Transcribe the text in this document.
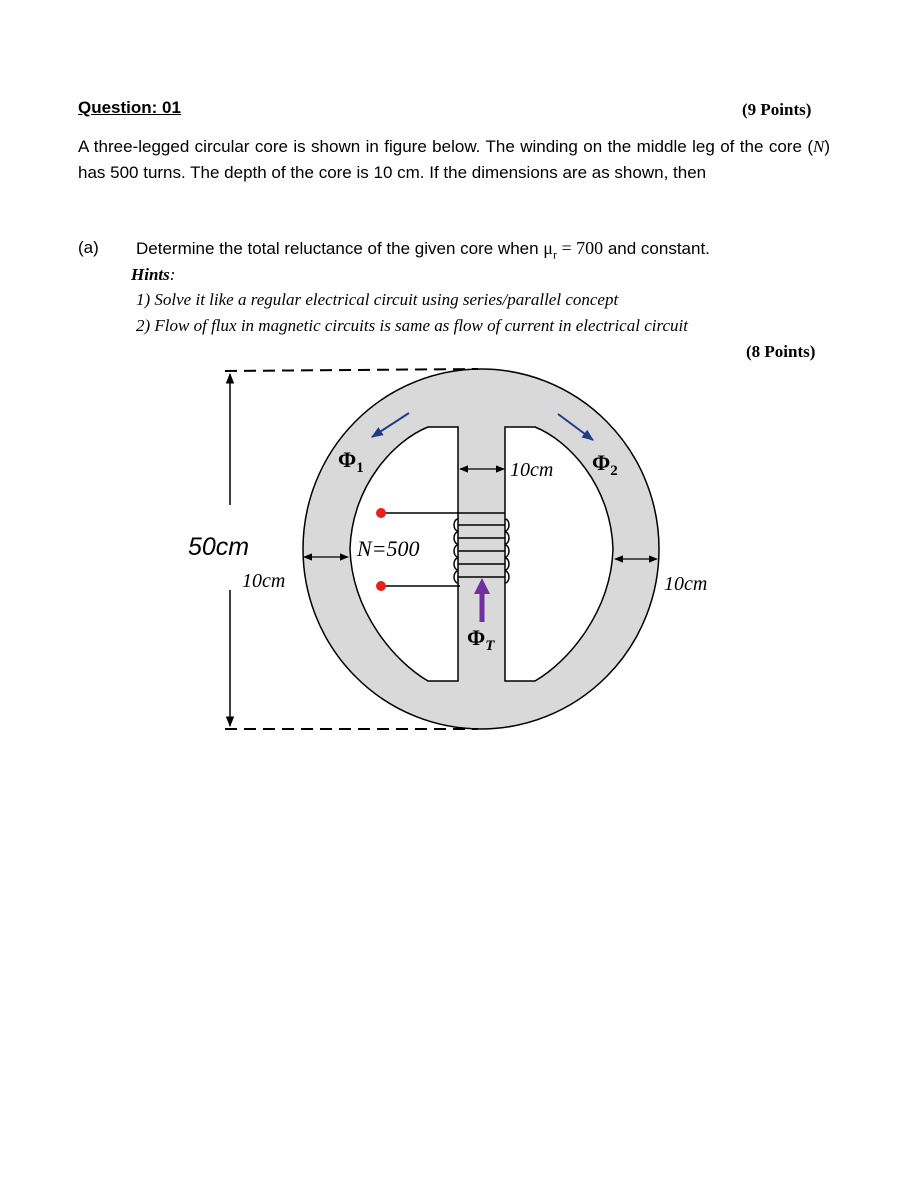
Question: 01	(9 Points)
A three-legged circular core is shown in figure below. The winding on the middle leg of the core (N) has 500 turns. The depth of the core is 10 cm. If the dimensions are as shown, then
(a) Determine the total reluctance of the given core when $\mu_r = 700$ and constant.
Hints:
1) Solve it like a regular electrical circuit using series/parallel concept
2) Flow of flux in magnetic circuits is same as flow of current in electrical circuit
(8 Points)
50cm
10cm
10cm
10cm
N=500
$\Phi_1$	$\Phi_2$
$\Phi_T$
